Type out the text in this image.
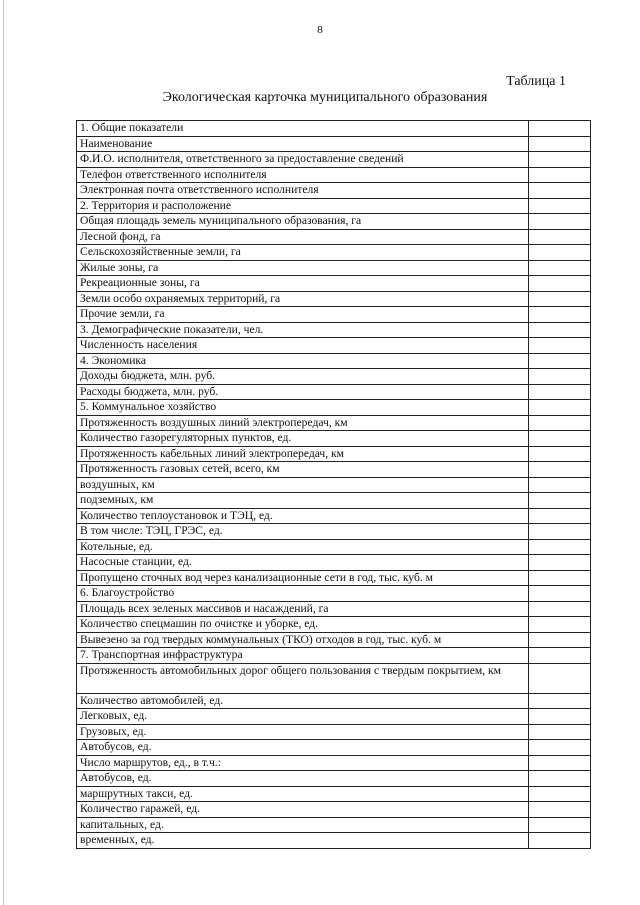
8
Таблица 1
Экологическая карточка муниципального образования
1. Общие показатели	
Наименование	
Ф.И.О. исполнителя, ответственного за предоставление сведений	
Телефон ответственного исполнителя	
Электронная почта ответственного исполнителя	
2. Территория и расположение	
Общая площадь земель муниципального образования, га	
Лесной фонд, га	
Сельскохозяйственные земли, га	
Жилые зоны, га	
Рекреационные зоны, га	
Земли особо охраняемых территорий, га	
Прочие земли, га	
3. Демографические показатели, чел.	
Численность населения	
4. Экономика	
Доходы бюджета, млн. руб.	
Расходы бюджета, млн. руб.	
5. Коммунальное хозяйство	
Протяженность воздушных линий электропередач, км	
Количество газорегуляторных пунктов, ед.	
Протяженность кабельных линий электропередач, км	
Протяженность газовых сетей, всего, км	
воздушных, км	
подземных, км	
Количество теплоустановок и ТЭЦ, ед.	
В том числе: ТЭЦ, ГРЭС, ед.	
Котельные, ед.	
Насосные станции, ед.	
Пропущено сточных вод через канализационные сети в год, тыс. куб. м	
6. Благоустройство	
Площадь всех зеленых массивов и насаждений, га	
Количество спецмашин по очистке и уборке, ед.	
Вывезено за год твердых коммунальных (ТКО) отходов в год, тыс. куб. м	
7. Транспортная инфраструктура	
Протяженность автомобильных дорог общего пользования с твердым покрытием, км	
Количество автомобилей, ед.	
Легковых, ед.	
Грузовых, ед.	
Автобусов, ед.	
Число маршрутов, ед., в т.ч.:	
Автобусов, ед.	
маршрутных такси, ед.	
Количество гаражей, ед.	
капитальных, ед.	
временных, ед.	
